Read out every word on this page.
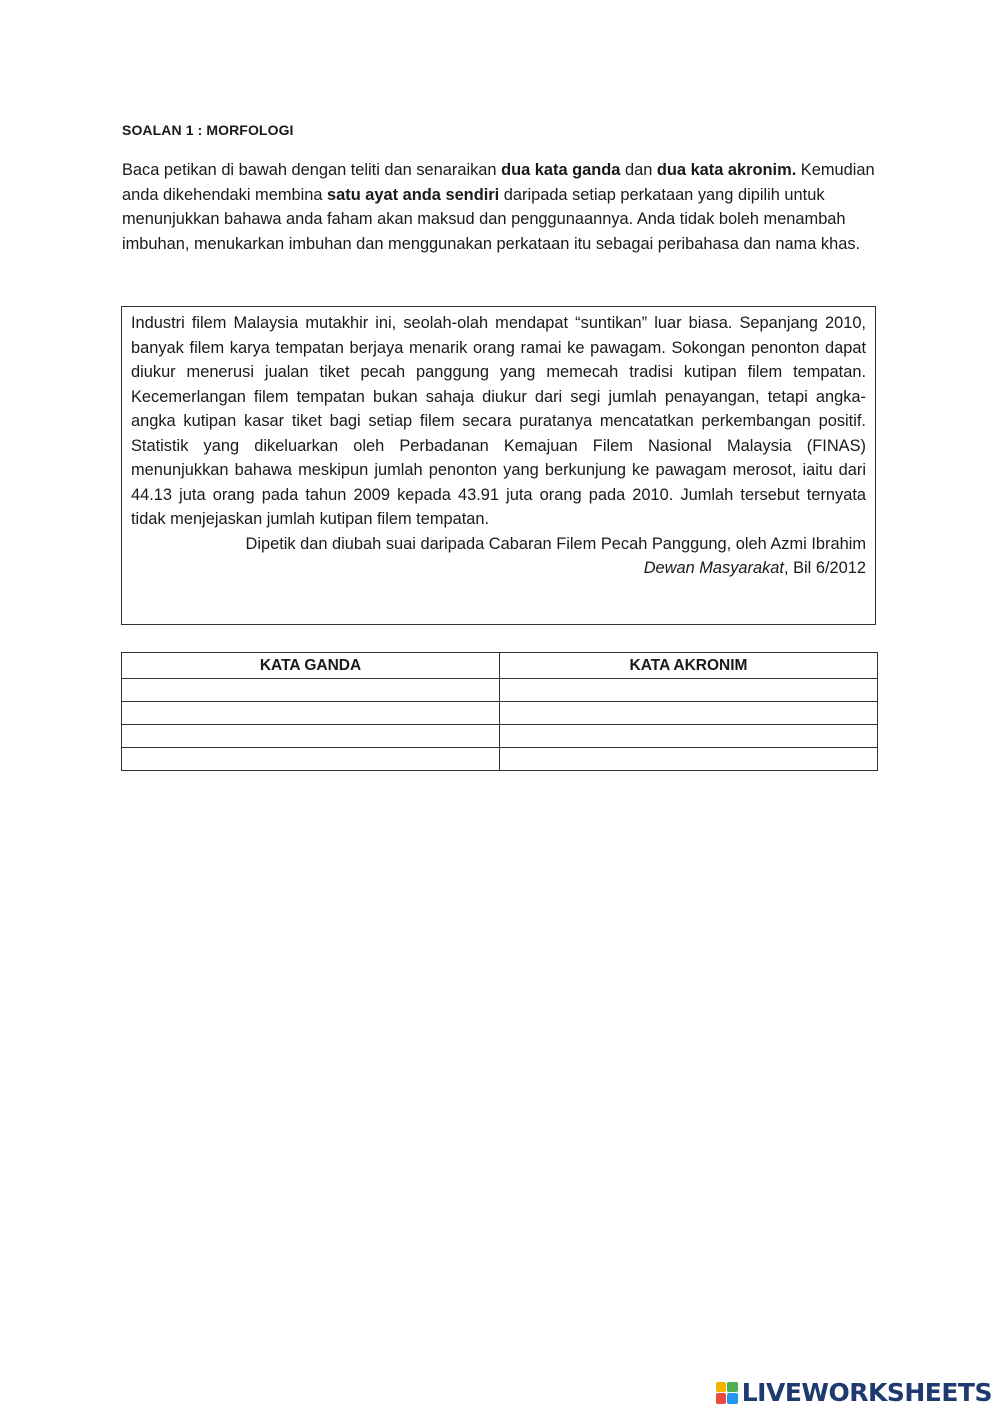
SOALAN 1 : MORFOLOGI

Baca petikan di bawah dengan teliti dan senaraikan dua kata ganda dan dua kata akronim. Kemudian anda dikehendaki membina satu ayat anda sendiri daripada setiap perkataan yang dipilih untuk menunjukkan bahawa anda faham akan maksud dan penggunaannya. Anda tidak boleh menambah imbuhan, menukarkan imbuhan dan menggunakan perkataan itu sebagai peribahasa dan nama khas.

Industri filem Malaysia mutakhir ini, seolah-olah mendapat “suntikan” luar biasa. Sepanjang 2010, banyak filem karya tempatan berjaya menarik orang ramai ke pawagam. Sokongan penonton dapat diukur menerusi jualan tiket pecah panggung yang memecah tradisi kutipan filem tempatan. Kecemerlangan filem tempatan bukan sahaja diukur dari segi jumlah penayangan, tetapi angka-angka kutipan kasar tiket bagi setiap filem secara puratanya mencatatkan perkembangan positif. Statistik yang dikeluarkan oleh Perbadanan Kemajuan Filem Nasional Malaysia (FINAS) menunjukkan bahawa meskipun jumlah penonton yang berkunjung ke pawagam merosot, iaitu dari 44.13 juta orang pada tahun 2009 kepada 43.91 juta orang pada 2010. Jumlah tersebut ternyata tidak menjejaskan jumlah kutipan filem tempatan.

Dipetik dan diubah suai daripada Cabaran Filem Pecah Panggung, oleh Azmi Ibrahim

Dewan Masyarakat, Bil 6/2012

KATA GANDA	KATA AKRONIM

LIVEWORKSHEETS
